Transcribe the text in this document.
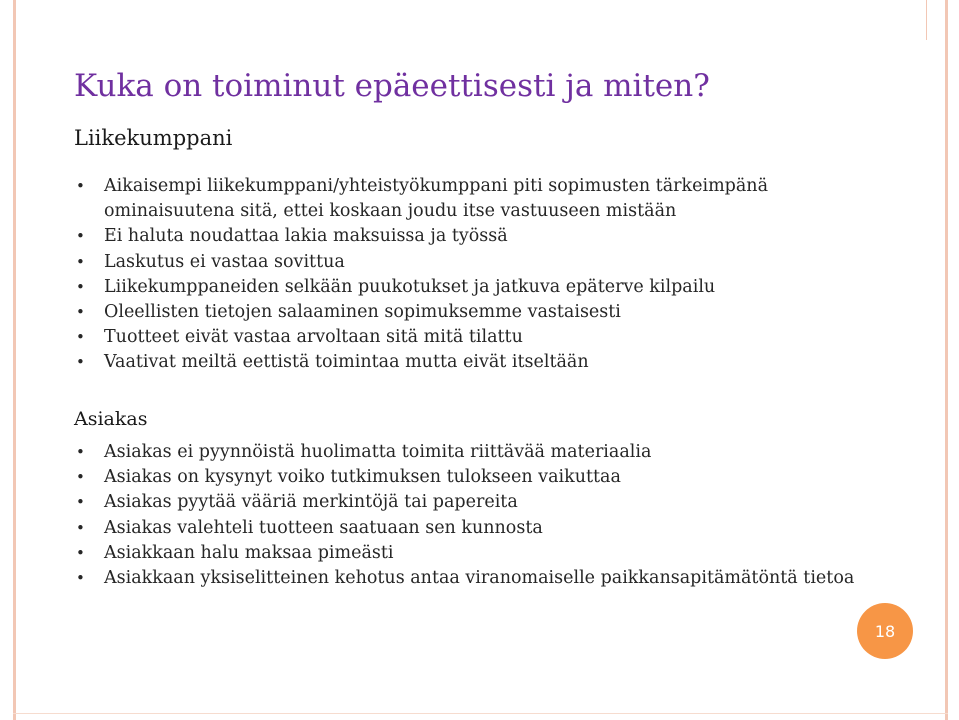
Kuka on toiminut epäeettisesti ja miten?
Liikekumppani
• Aikaisempi liikekumppani/yhteistyökumppani piti sopimusten tärkeimpänä ominaisuutena sitä, ettei koskaan joudu itse vastuuseen mistään
• Ei haluta noudattaa lakia maksuissa ja työssä
• Laskutus ei vastaa sovittua
• Liikekumppaneiden selkään puukotukset ja jatkuva epäterve kilpailu
• Oleellisten tietojen salaaminen sopimuksemme vastaisesti
• Tuotteet eivät vastaa arvoltaan sitä mitä tilattu
• Vaativat meiltä eettistä toimintaa mutta eivät itseltään
Asiakas
• Asiakas ei pyynnöistä huolimatta toimita riittävää materiaalia
• Asiakas on kysynyt voiko tutkimuksen tulokseen vaikuttaa
• Asiakas pyytää vääriä merkintöjä tai papereita
• Asiakas valehteli tuotteen saatuaan sen kunnosta
• Asiakkaan halu maksaa pimeästi
• Asiakkaan yksiselitteinen kehotus antaa viranomaiselle paikkansapitämätöntä tietoa
18
